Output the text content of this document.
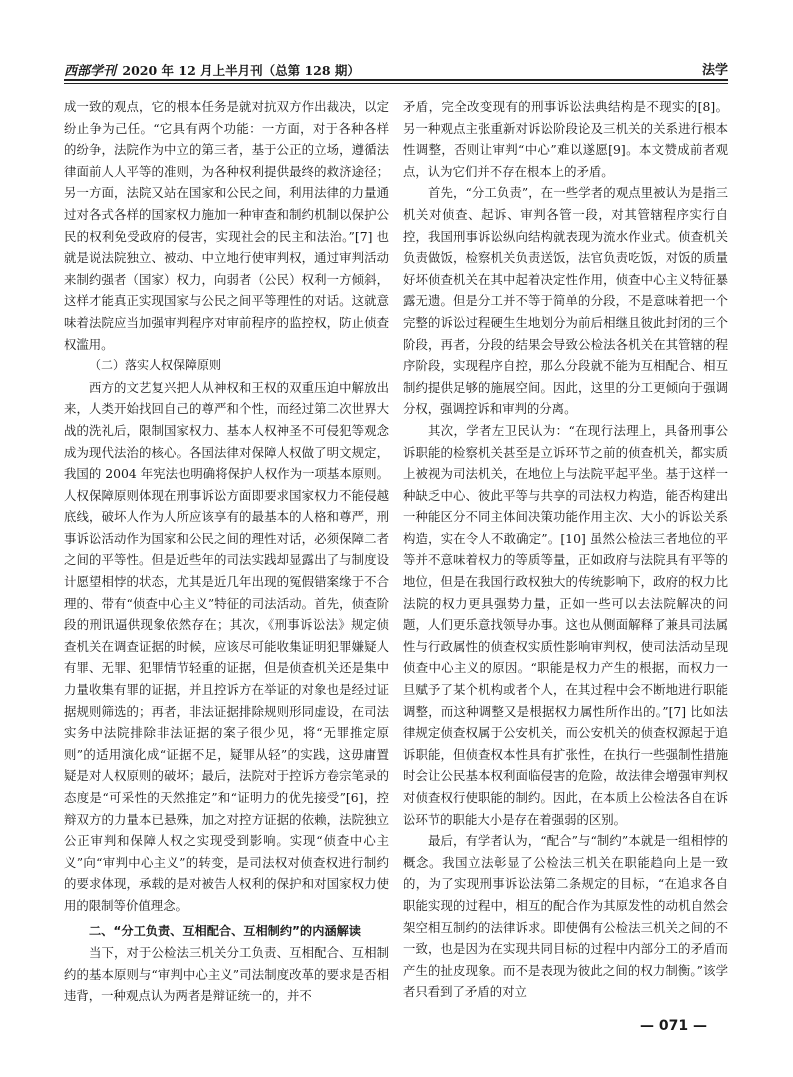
西部学刊 2020 年 12 月上半月刊（总第 128 期）	法学

成一致的观点，它的根本任务是就对抗双方作出裁决，以定纷止争为己任。“它具有两个功能：一方面，对于各种各样的纷争，法院作为中立的第三者，基于公正的立场，遵循法律面前人人平等的准则，为各种权利提供最终的救济途径；另一方面，法院又站在国家和公民之间，利用法律的力量通过对各式各样的国家权力施加一种审查和制约机制以保护公民的权利免受政府的侵害，实现社会的民主和法治。”[7] 也就是说法院独立、被动、中立地行使审判权，通过审判活动来制约强者（国家）权力，向弱者（公民）权利一方倾斜，这样才能真正实现国家与公民之间平等理性的对话。这就意味着法院应当加强审判程序对审前程序的监控权，防止侦查权滥用。

（二）落实人权保障原则

西方的文艺复兴把人从神权和王权的双重压迫中解放出来，人类开始找回自己的尊严和个性，而经过第二次世界大战的洗礼后，限制国家权力、基本人权神圣不可侵犯等观念成为现代法治的核心。各国法律对保障人权做了明文规定，我国的 2004 年宪法也明确将保护人权作为一项基本原则。人权保障原则体现在刑事诉讼方面即要求国家权力不能侵越底线，破坏人作为人所应该享有的最基本的人格和尊严，刑事诉讼活动作为国家和公民之间的理性对话，必须保障二者之间的平等性。但是近些年的司法实践却显露出了与制度设计愿望相悖的状态，尤其是近几年出现的冤假错案缘于不合理的、带有“侦查中心主义”特征的司法活动。首先，侦查阶段的刑讯逼供现象依然存在；其次，《刑事诉讼法》规定侦查机关在调查证据的时候，应该尽可能收集证明犯罪嫌疑人有罪、无罪、犯罪情节轻重的证据，但是侦查机关还是集中力量收集有罪的证据，并且控诉方在举证的对象也是经过证据规则筛选的；再者，非法证据排除规则形同虚设，在司法实务中法院排除非法证据的案子很少见，将“无罪推定原则”的适用演化成“证据不足，疑罪从轻”的实践，这毋庸置疑是对人权原则的破坏；最后，法院对于控诉方卷宗笔录的态度是“可采性的天然推定”和“证明力的优先接受”[6]，控辩双方的力量本已悬殊，加之对控方证据的依赖，法院独立公正审判和保障人权之实现受到影响。实现“侦查中心主义”向“审判中心主义”的转变，是司法权对侦查权进行制约的要求体现，承载的是对被告人权利的保护和对国家权力使用的限制等价值理念。

二、“分工负责、互相配合、互相制约”的内涵解读

当下，对于公检法三机关分工负责、互相配合、互相制约的基本原则与“审判中心主义”司法制度改革的要求是否相违背，一种观点认为两者是辩证统一的，并不

矛盾，完全改变现有的刑事诉讼法典结构是不现实的[8]。另一种观点主张重新对诉讼阶段论及三机关的关系进行根本性调整，否则让审判“中心”难以遂愿[9]。本文赞成前者观点，认为它们并不存在根本上的矛盾。

首先，“分工负责”，在一些学者的观点里被认为是指三机关对侦查、起诉、审判各管一段，对其管辖程序实行自控，我国刑事诉讼纵向结构就表现为流水作业式。侦查机关负责做饭，检察机关负责送饭，法官负责吃饭，对饭的质量好坏侦查机关在其中起着决定性作用，侦查中心主义特征暴露无遗。但是分工并不等于简单的分段，不是意味着把一个完整的诉讼过程硬生生地划分为前后相继且彼此封闭的三个阶段，再者，分段的结果会导致公检法各机关在其管辖的程序阶段，实现程序自控，那么分段就不能为互相配合、相互制约提供足够的施展空间。因此，这里的分工更倾向于强调分权，强调控诉和审判的分离。

其次，学者左卫民认为：“在现行法理上，具备刑事公诉职能的检察机关甚至是立诉环节之前的侦查机关，都实质上被视为司法机关，在地位上与法院平起平坐。基于这样一种缺乏中心、彼此平等与共享的司法权力构造，能否构建出一种能区分不同主体间决策功能作用主次、大小的诉讼关系构造，实在令人不敢确定”。[10] 虽然公检法三者地位的平等并不意味着权力的等质等量，正如政府与法院具有平等的地位，但是在我国行政权独大的传统影响下，政府的权力比法院的权力更具强势力量，正如一些可以去法院解决的问题，人们更乐意找领导办事。这也从侧面解释了兼具司法属性与行政属性的侦查权实质性影响审判权，使司法活动呈现侦查中心主义的原因。“职能是权力产生的根据，而权力一旦赋予了某个机构或者个人，在其过程中会不断地进行职能调整，而这种调整又是根据权力属性所作出的。”[7] 比如法律规定侦查权属于公安机关，而公安机关的侦查权源起于追诉职能，但侦查权本性具有扩张性，在执行一些强制性措施时会让公民基本权利面临侵害的危险，故法律会增强审判权对侦查权行使职能的制约。因此，在本质上公检法各自在诉讼环节的职能大小是存在着强弱的区别。

最后，有学者认为，“配合”与“制约”本就是一组相悖的概念。我国立法彰显了公检法三机关在职能趋向上是一致的，为了实现刑事诉讼法第二条规定的目标，“在追求各自职能实现的过程中，相互的配合作为其原发性的动机自然会架空相互制约的法律诉求。即使偶有公检法三机关之间的不一致，也是因为在实现共同目标的过程中内部分工的矛盾而产生的扯皮现象。而不是表现为彼此之间的权力制衡。”该学者只看到了矛盾的对立

— 071 —
